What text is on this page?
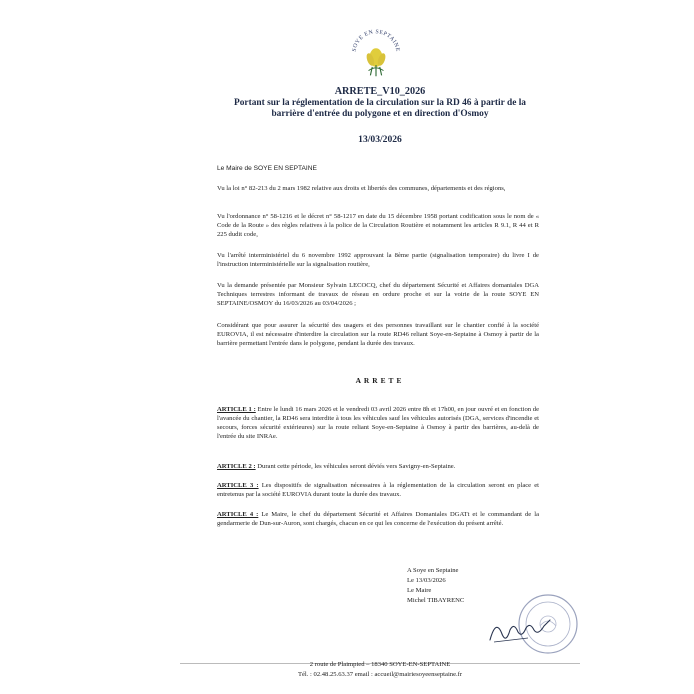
SOYE EN SEPTAINE
ARRETE_V10_2026
Portant sur la réglementation de la circulation sur la RD 46 à partir de la
barrière d'entrée du polygone et en direction d'Osmoy
13/03/2026
Le Maire de SOYE EN SEPTAINE
Vu la loi n° 82-213 du 2 mars 1982 relative aux droits et libertés des communes, départements et des régions,
Vu l'ordonnance n° 58-1216 et le décret n° 58-1217 en date du 15 décembre 1958 portant codification sous le nom de « Code de la Route » des règles relatives à la police de la Circulation Routière et notamment les articles R 9.1, R 44 et R 225 dudit code,
Vu l'arrêté interministériel du 6 novembre 1992 approuvant la 8ème partie (signalisation temporaire) du livre I de l'instruction interministérielle sur la signalisation routière,
Vu la demande présentée par Monsieur Sylvain LECOCQ, chef du département Sécurité et Affaires domaniales DGA Techniques terrestres informant de travaux de réseau en ordure proche et sur la voirie de la route SOYE EN SEPTAINE/OSMOY du 16/03/2026 au 03/04/2026 ;
Considérant que pour assurer la sécurité des usagers et des personnes travaillant sur le chantier confié à la société EUROVIA, il est nécessaire d'interdire la circulation sur la route RD46 reliant Soye-en-Septaine à Osmoy à partir de la barrière permettant l'entrée dans le polygone, pendant la durée des travaux.
ARRETE
ARTICLE 1 : Entre le lundi 16 mars 2026 et le vendredi 03 avril 2026 entre 8h et 17h00, en jour ouvré et en fonction de l'avancée du chantier, la RD46 sera interdite à tous les véhicules sauf les véhicules autorisés (DGA, services d'incendie et secours, forces sécurité extérieures) sur la route reliant Soye-en-Septaine à Osmoy à partir des barrières, au-delà de l'entrée du site INRAe.
ARTICLE 2 : Durant cette période, les véhicules seront déviés vers Savigny-en-Septaine.
ARTICLE 3 : Les dispositifs de signalisation nécessaires à la réglementation de la circulation seront en place et entretenus par la société EUROVIA durant toute la durée des travaux.
ARTICLE 4 : Le Maire, le chef du département Sécurité et Affaires Domaniales DGATt et le commandant de la gendarmerie de Dun-sur-Auron, sont chargés, chacun en ce qui les concerne de l'exécution du présent arrêté.
A Soye en Septaine
Le 13/03/2026
Le Maire
Michel TIBAYRENC
2 route de Plaimpied – 18340 SOYE-EN-SEPTAINE
Tél. : 02.48.25.63.37 email : accueil@mairiesoyeenseptaine.fr
